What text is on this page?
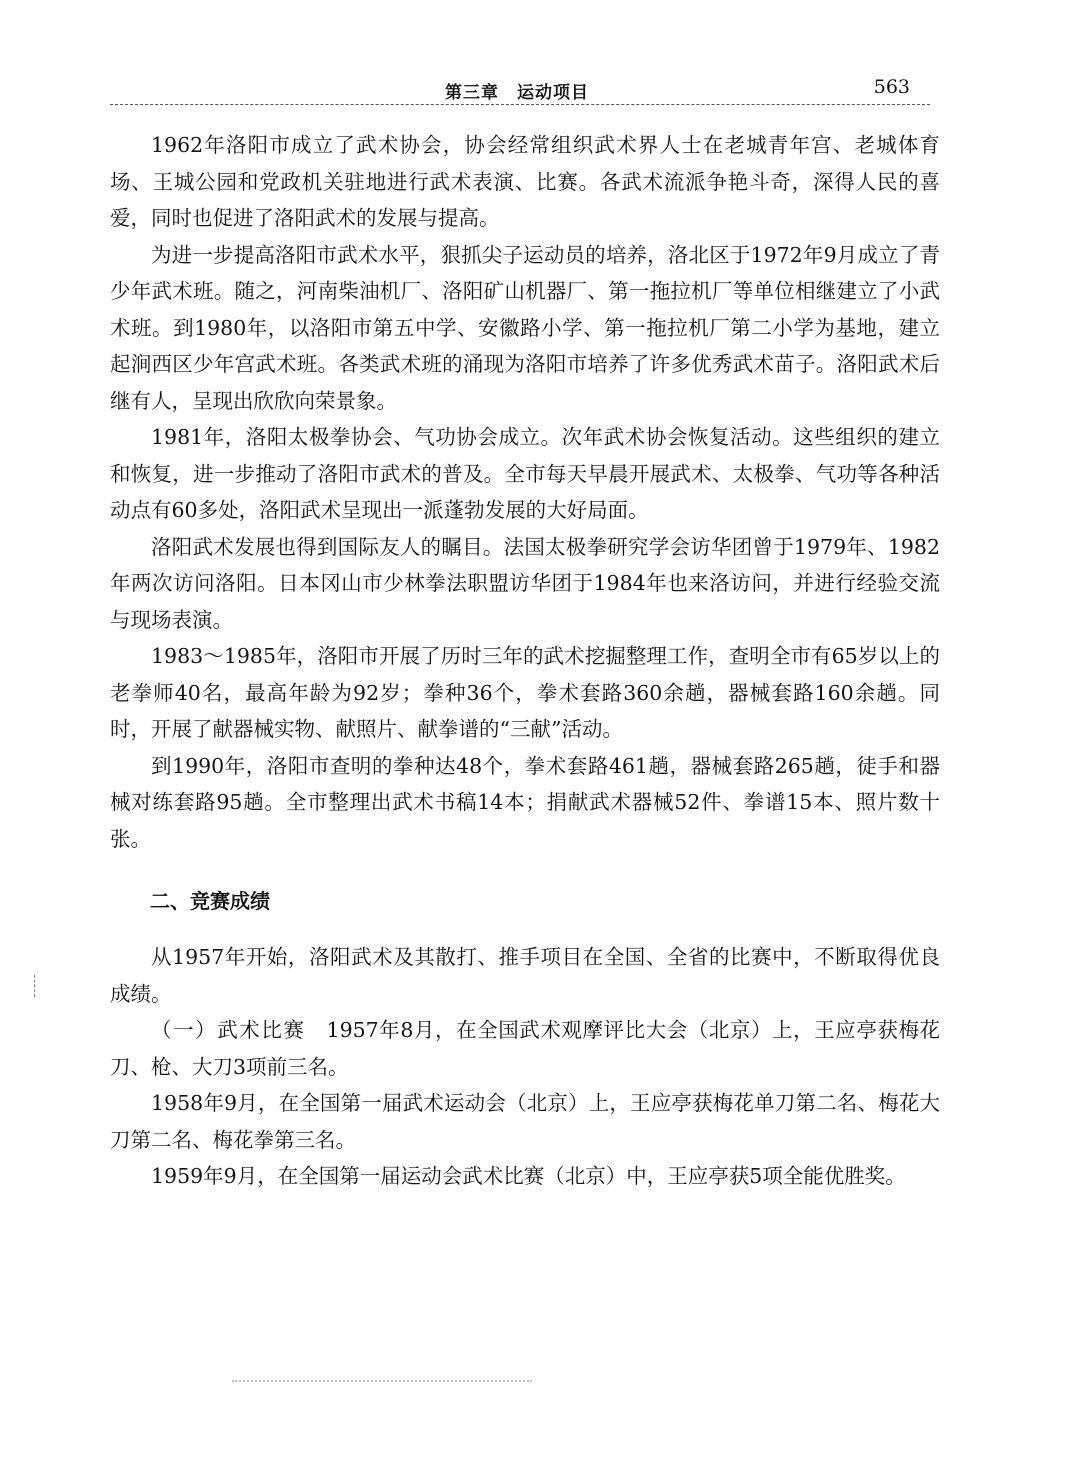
第三章　运动项目	563

1962年洛阳市成立了武术协会，协会经常组织武术界人士在老城青年宫、老城体育场、王城公园和党政机关驻地进行武术表演、比赛。各武术流派争艳斗奇，深得人民的喜爱，同时也促进了洛阳武术的发展与提高。

为进一步提高洛阳市武术水平，狠抓尖子运动员的培养，洛北区于1972年9月成立了青少年武术班。随之，河南柴油机厂、洛阳矿山机器厂、第一拖拉机厂等单位相继建立了小武术班。到1980年，以洛阳市第五中学、安徽路小学、第一拖拉机厂第二小学为基地，建立起涧西区少年宫武术班。各类武术班的涌现为洛阳市培养了许多优秀武术苗子。洛阳武术后继有人，呈现出欣欣向荣景象。

1981年，洛阳太极拳协会、气功协会成立。次年武术协会恢复活动。这些组织的建立和恢复，进一步推动了洛阳市武术的普及。全市每天早晨开展武术、太极拳、气功等各种活动点有60多处，洛阳武术呈现出一派蓬勃发展的大好局面。

洛阳武术发展也得到国际友人的瞩目。法国太极拳研究学会访华团曾于1979年、1982年两次访问洛阳。日本冈山市少林拳法职盟访华团于1984年也来洛访问，并进行经验交流与现场表演。

1983～1985年，洛阳市开展了历时三年的武术挖掘整理工作，查明全市有65岁以上的老拳师40名，最高年龄为92岁；拳种36个，拳术套路360余趟，器械套路160余趟。同时，开展了献器械实物、献照片、献拳谱的“三献”活动。

到1990年，洛阳市查明的拳种达48个，拳术套路461趟，器械套路265趟，徒手和器械对练套路95趟。全市整理出武术书稿14本；捐献武术器械52件、拳谱15本、照片数十张。

二、竞赛成绩

从1957年开始，洛阳武术及其散打、推手项目在全国、全省的比赛中，不断取得优良成绩。

（一）武术比赛　 1957年8月，在全国武术观摩评比大会（北京）上，王应亭获梅花刀、枪、大刀3项前三名。

1958年9月，在全国第一届武术运动会（北京）上，王应亭获梅花单刀第二名、梅花大刀第二名、梅花拳第三名。

1959年9月，在全国第一届运动会武术比赛（北京）中，王应亭获5项全能优胜奖。
